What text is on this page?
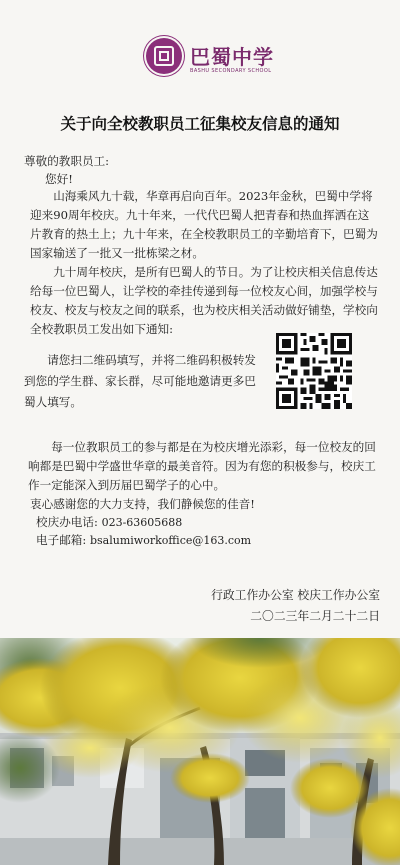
巴蜀中学
BASHU SECONDARY SCHOOL
关于向全校教职员工征集校友信息的通知
尊敬的教职员工:
您好!
山海乘风九十载，华章再启向百年。2023年金秋，巴蜀中学将迎来90周年校庆。九十年来，一代代巴蜀人把青春和热血挥洒在这片教育的热土上；九十年来，在全校教职员工的辛勤培育下，巴蜀为国家输送了一批又一批栋梁之材。
九十周年校庆，是所有巴蜀人的节日。为了让校庆相关信息传达给每一位巴蜀人，让学校的牵挂传递到每一位校友心间，加强学校与校友、校友与校友之间的联系，也为校庆相关活动做好铺垫，学校向全校教职员工发出如下通知:
请您扫二维码填写，并将二维码积极转发到您的学生群、家长群，尽可能地邀请更多巴蜀人填写。
每一位教职员工的参与都是在为校庆增光添彩，每一位校友的回响都是巴蜀中学盛世华章的最美音符。因为有您的积极参与，校庆工作一定能深入到历届巴蜀学子的心中。
衷心感谢您的大力支持，我们静候您的佳音!
校庆办电话: 023-63605688
电子邮箱: bsalumiworkoffice@163.com
行政工作办公室 校庆工作办公室
二〇二三年二月二十二日
